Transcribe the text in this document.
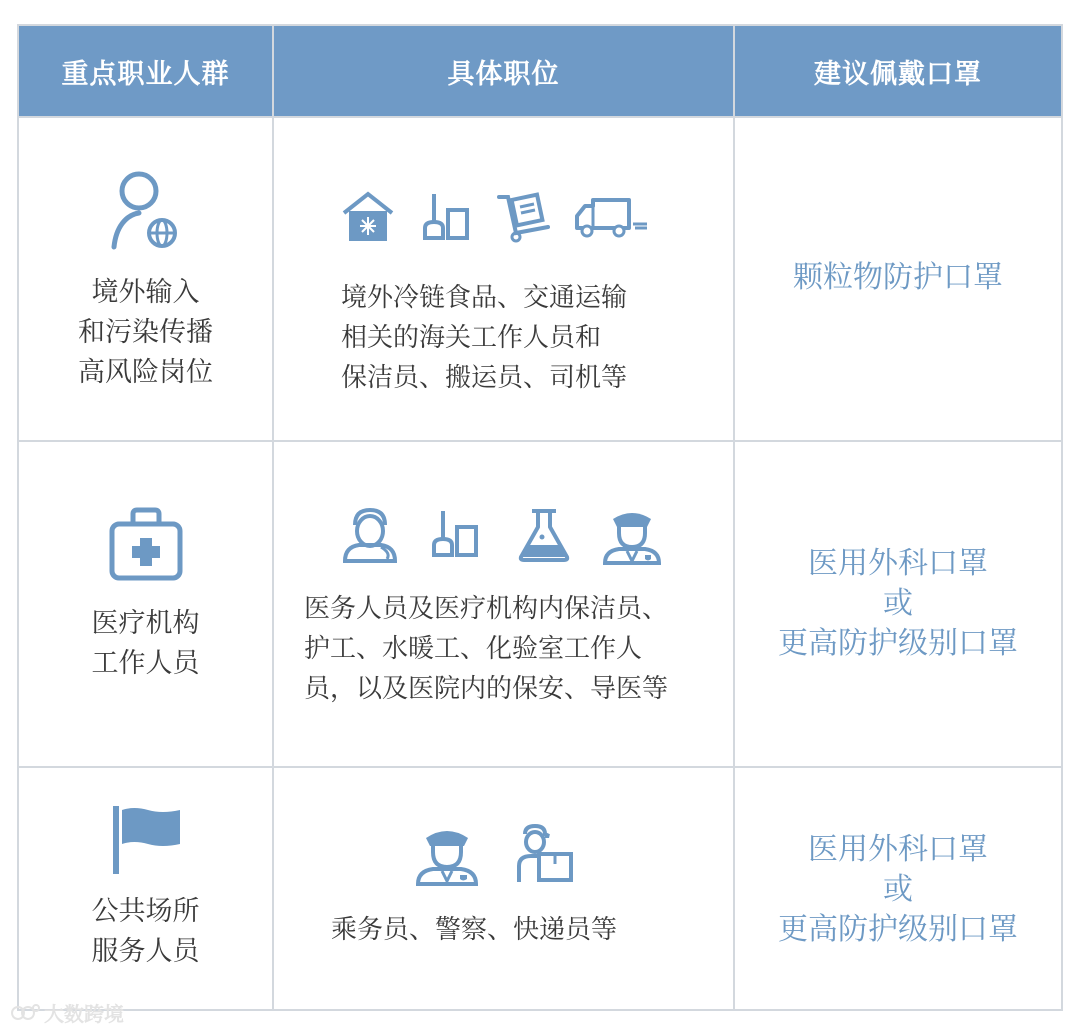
重点职业人群	具体职位	建议佩戴口罩
境外输入
和污染传播
高风险岗位
境外冷链食品、交通运输
相关的海关工作人员和
保洁员、搬运员、司机等
颗粒物防护口罩
医疗机构
工作人员
医务人员及医疗机构内保洁员、
护工、水暖工、化验室工作人
员，以及医院内的保安、导医等
医用外科口罩
或
更高防护级别口罩
公共场所
服务人员
乘务员、警察、快递员等
医用外科口罩
或
更高防护级别口罩
大数跨境
